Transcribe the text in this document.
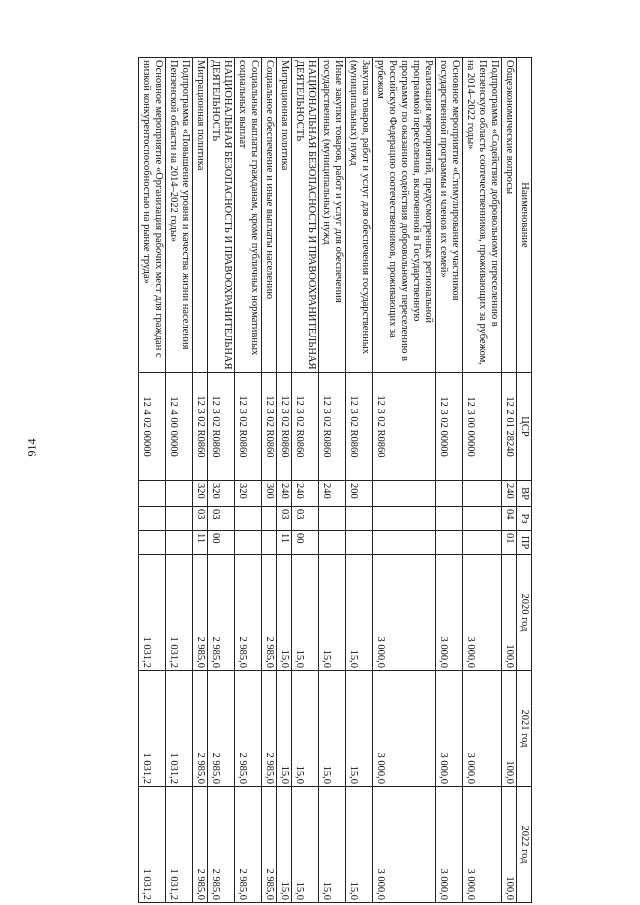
914
Наименование	ЦСР	ВР	Рз	ПР	2020 год	2021 год	2022 год
Общеэкономические вопросы	12 2 01 28240	240	04	01	100,0	100,0	100,0
Подпрограмма «Содействие добровольному переселению в Пензенскую область соотечественников, проживающих за рубежом, на 2014–2022 годы»	12 3 00 00000				3 000,0	3 000,0	3 000,0
Основное мероприятие «Стимулирование участников государственной программы и членов их семей»	12 3 02 00000				3 000,0	3 000,0	3 000,0
Реализация мероприятий, предусмотренных региональной программой переселения, включенной в Государственную программу по оказанию содействия добровольному переселению в Российскую Федерацию соотечественников, проживающих за рубежом	12 3 02 R0860				3 000,0	3 000,0	3 000,0
Закупка товаров, работ и услуг для обеспечения государственных (муниципальных) нужд	12 3 02 R0860	200			15,0	15,0	15,0
Иные закупки товаров, работ и услуг для обеспечения государственных (муниципальных) нужд	12 3 02 R0860	240			15,0	15,0	15,0
НАЦИОНАЛЬНАЯ БЕЗОПАСНОСТЬ И ПРАВООХРАНИТЕЛЬНАЯ ДЕЯТЕЛЬНОСТЬ	12 3 02 R0860	240	03	00	15,0	15,0	15,0
Миграционная политика	12 3 02 R0860	240	03	11	15,0	15,0	15,0
Социальное обеспечение и иные выплаты населению	12 3 02 R0860	300			2 985,0	2 985,0	2 985,0
Социальные выплаты гражданам, кроме публичных нормативных социальных выплат	12 3 02 R0860	320			2 985,0	2 985,0	2 985,0
НАЦИОНАЛЬНАЯ БЕЗОПАСНОСТЬ И ПРАВООХРАНИТЕЛЬНАЯ ДЕЯТЕЛЬНОСТЬ	12 3 02 R0860	320	03	00	2 985,0	2 985,0	2 985,0
Миграционная политика	12 3 02 R0860	320	03	11	2 985,0	2 985,0	2 985,0
Подпрограмма «Повышение уровня и качества жизни населения Пензенской области на 2014–2022 годы»	12 4 00 00000				1 031,2	1 031,2	1 031,2
Основное мероприятие «Организация рабочих мест для граждан с низкой конкурентоспособностью на рынке труда»	12 4 02 00000				1 031,2	1 031,2	1 031,2
